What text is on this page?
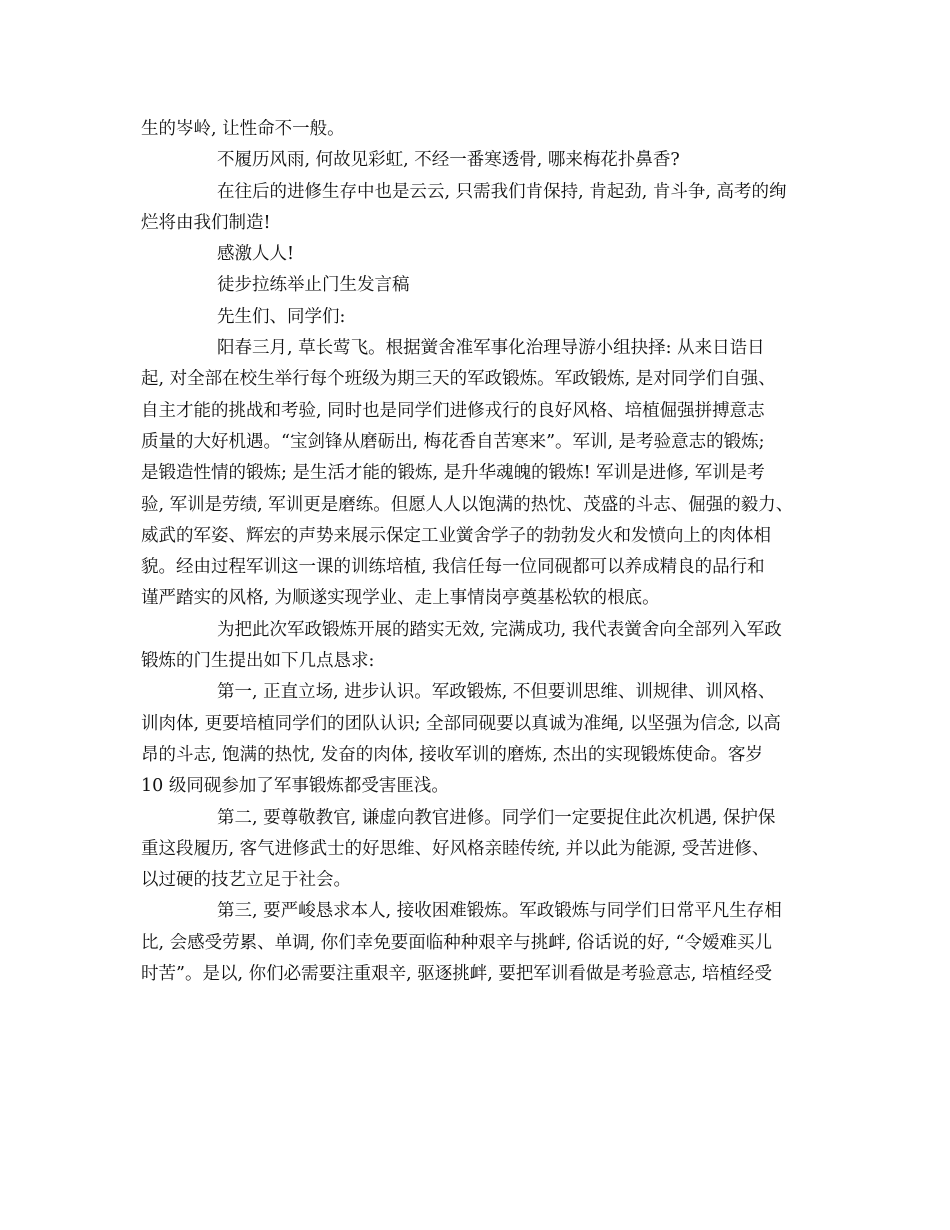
生的岑岭, 让性命不一般。
不履历风雨, 何故见彩虹, 不经一番寒透骨, 哪来梅花扑鼻香?
在往后的进修生存中也是云云, 只需我们肯保持, 肯起劲, 肯斗争, 高考的绚
烂将由我们制造!
感激人人!
徒步拉练举止门生发言稿
先生们、同学们:
阳春三月, 草长莺飞。根据黉舍准军事化治理导游小组抉择: 从来日诰日
起, 对全部在校生举行每个班级为期三天的军政锻炼。军政锻炼, 是对同学们自强、
自主才能的挑战和考验, 同时也是同学们进修戎行的良好风格、培植倔强拼搏意志
质量的大好机遇。“宝剑锋从磨砺出, 梅花香自苦寒来”。军训, 是考验意志的锻炼;
是锻造性情的锻炼; 是生活才能的锻炼, 是升华魂魄的锻炼! 军训是进修, 军训是考
验, 军训是劳绩, 军训更是磨练。但愿人人以饱满的热忱、茂盛的斗志、倔强的毅力、
威武的军姿、辉宏的声势来展示保定工业黉舍学子的勃勃发火和发愤向上的肉体相
貌。经由过程军训这一课的训练培植, 我信任每一位同砚都可以养成精良的品行和
谨严踏实的风格, 为顺遂实现学业、走上事情岗亭奠基松软的根底。
为把此次军政锻炼开展的踏实无效, 完满成功, 我代表黉舍向全部列入军政
锻炼的门生提出如下几点恳求:
第一, 正直立场, 进步认识。军政锻炼, 不但要训思维、训规律、训风格、
训肉体, 更要培植同学们的团队认识; 全部同砚要以真诚为准绳, 以坚强为信念, 以高
昂的斗志, 饱满的热忱, 发奋的肉体, 接收军训的磨炼, 杰出的实现锻炼使命。客岁
10 级同砚参加了军事锻炼都受害匪浅。
第二, 要尊敬教官, 谦虚向教官进修。同学们一定要捉住此次机遇, 保护保
重这段履历, 客气进修武士的好思维、好风格亲睦传统, 并以此为能源, 受苦进修、
以过硬的技艺立足于社会。
第三, 要严峻恳求本人, 接收困难锻炼。军政锻炼与同学们日常平凡生存相
比, 会感受劳累、单调, 你们幸免要面临种种艰辛与挑衅, 俗话说的好, “令嫒难买儿
时苦”。是以, 你们必需要注重艰辛, 驱逐挑衅, 要把军训看做是考验意志, 培植经受
